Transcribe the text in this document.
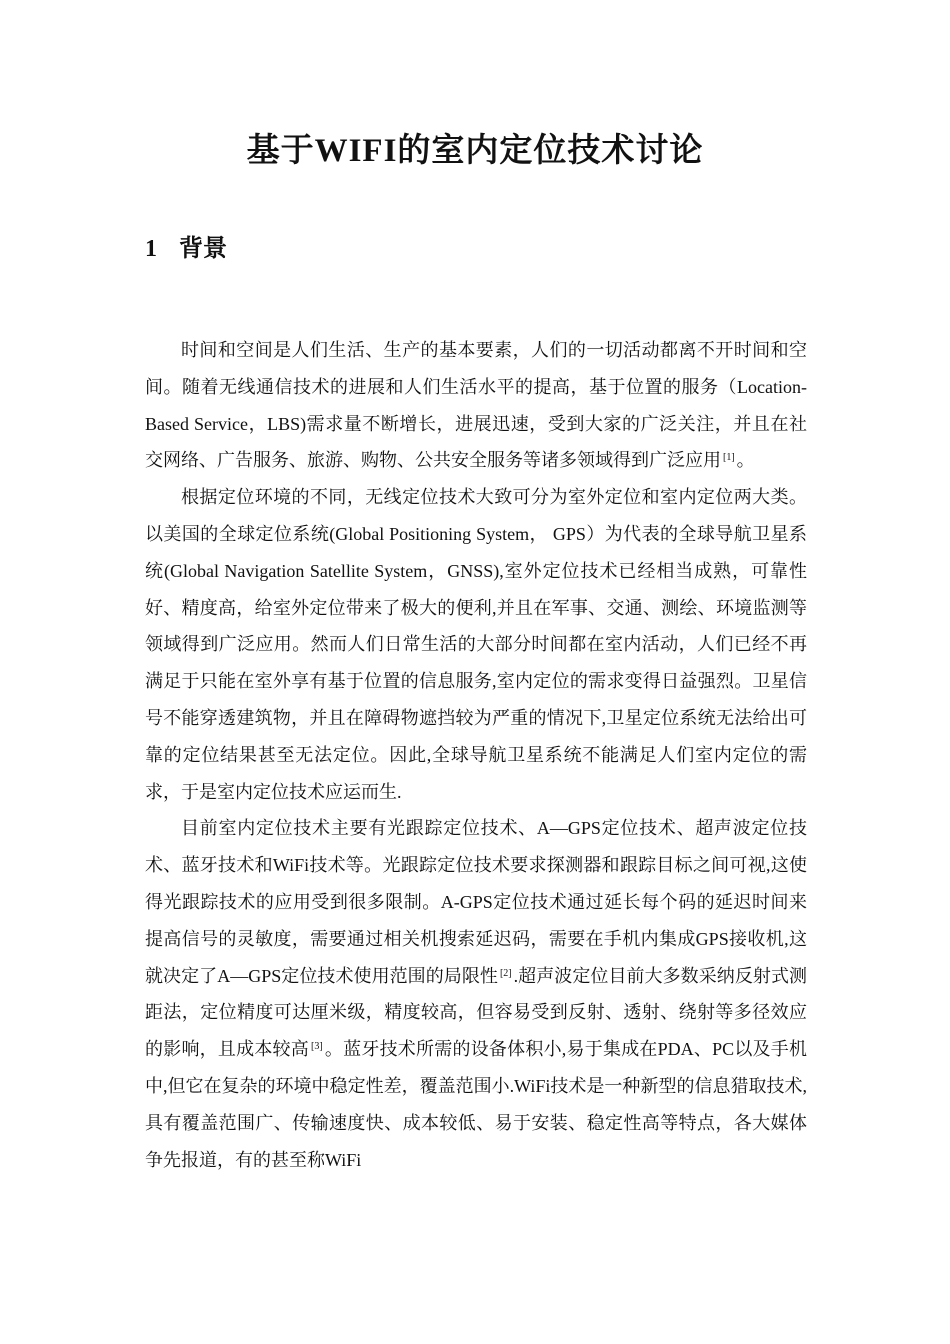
基于WIFI的室内定位技术讨论
1 背景

时间和空间是人们生活、生产的基本要素，人们的一切活动都离不开时间和空间。随着无线通信技术的进展和人们生活水平的提高，基于位置的服务（Location-Based Service，LBS)需求量不断增长，进展迅速，受到大家的广泛关注，并且在社交网络、广告服务、旅游、购物、公共安全服务等诸多领域得到广泛应用 [1] 。

根据定位环境的不同，无线定位技术大致可分为室外定位和室内定位两大类。以美国的全球定位系统(Global Positioning System， GPS）为代表的全球导航卫星系统(Global Navigation Satellite System，GNSS),室外定位技术已经相当成熟，可靠性好、精度高，给室外定位带来了极大的便利,并且在军事、交通、测绘、环境监测等领域得到广泛应用。然而人们日常生活的大部分时间都在室内活动，人们已经不再满足于只能在室外享有基于位置的信息服务,室内定位的需求变得日益强烈。卫星信号不能穿透建筑物，并且在障碍物遮挡较为严重的情况下,卫星定位系统无法给出可靠的定位结果甚至无法定位。因此,全球导航卫星系统不能满足人们室内定位的需求，于是室内定位技术应运而生.

目前室内定位技术主要有光跟踪定位技术、A—GPS定位技术、超声波定位技术、蓝牙技术和WiFi技术等。光跟踪定位技术要求探测器和跟踪目标之间可视,这使得光跟踪技术的应用受到很多限制。A-GPS定位技术通过延长每个码的延迟时间来提高信号的灵敏度，需要通过相关机搜索延迟码，需要在手机内集成GPS接收机,这就决定了A—GPS定位技术使用范围的局限性 [2] .超声波定位目前大多数采纳反射式测距法，定位精度可达厘米级，精度较高，但容易受到反射、透射、绕射等多径效应的影响，且成本较高 [3] 。蓝牙技术所需的设备体积小,易于集成在PDA、PC以及手机中,但它在复杂的环境中稳定性差，覆盖范围小.WiFi技术是一种新型的信息猎取技术,具有覆盖范围广、传输速度快、成本较低、易于安装、稳定性高等特点，各大媒体争先报道，有的甚至称WiFi
